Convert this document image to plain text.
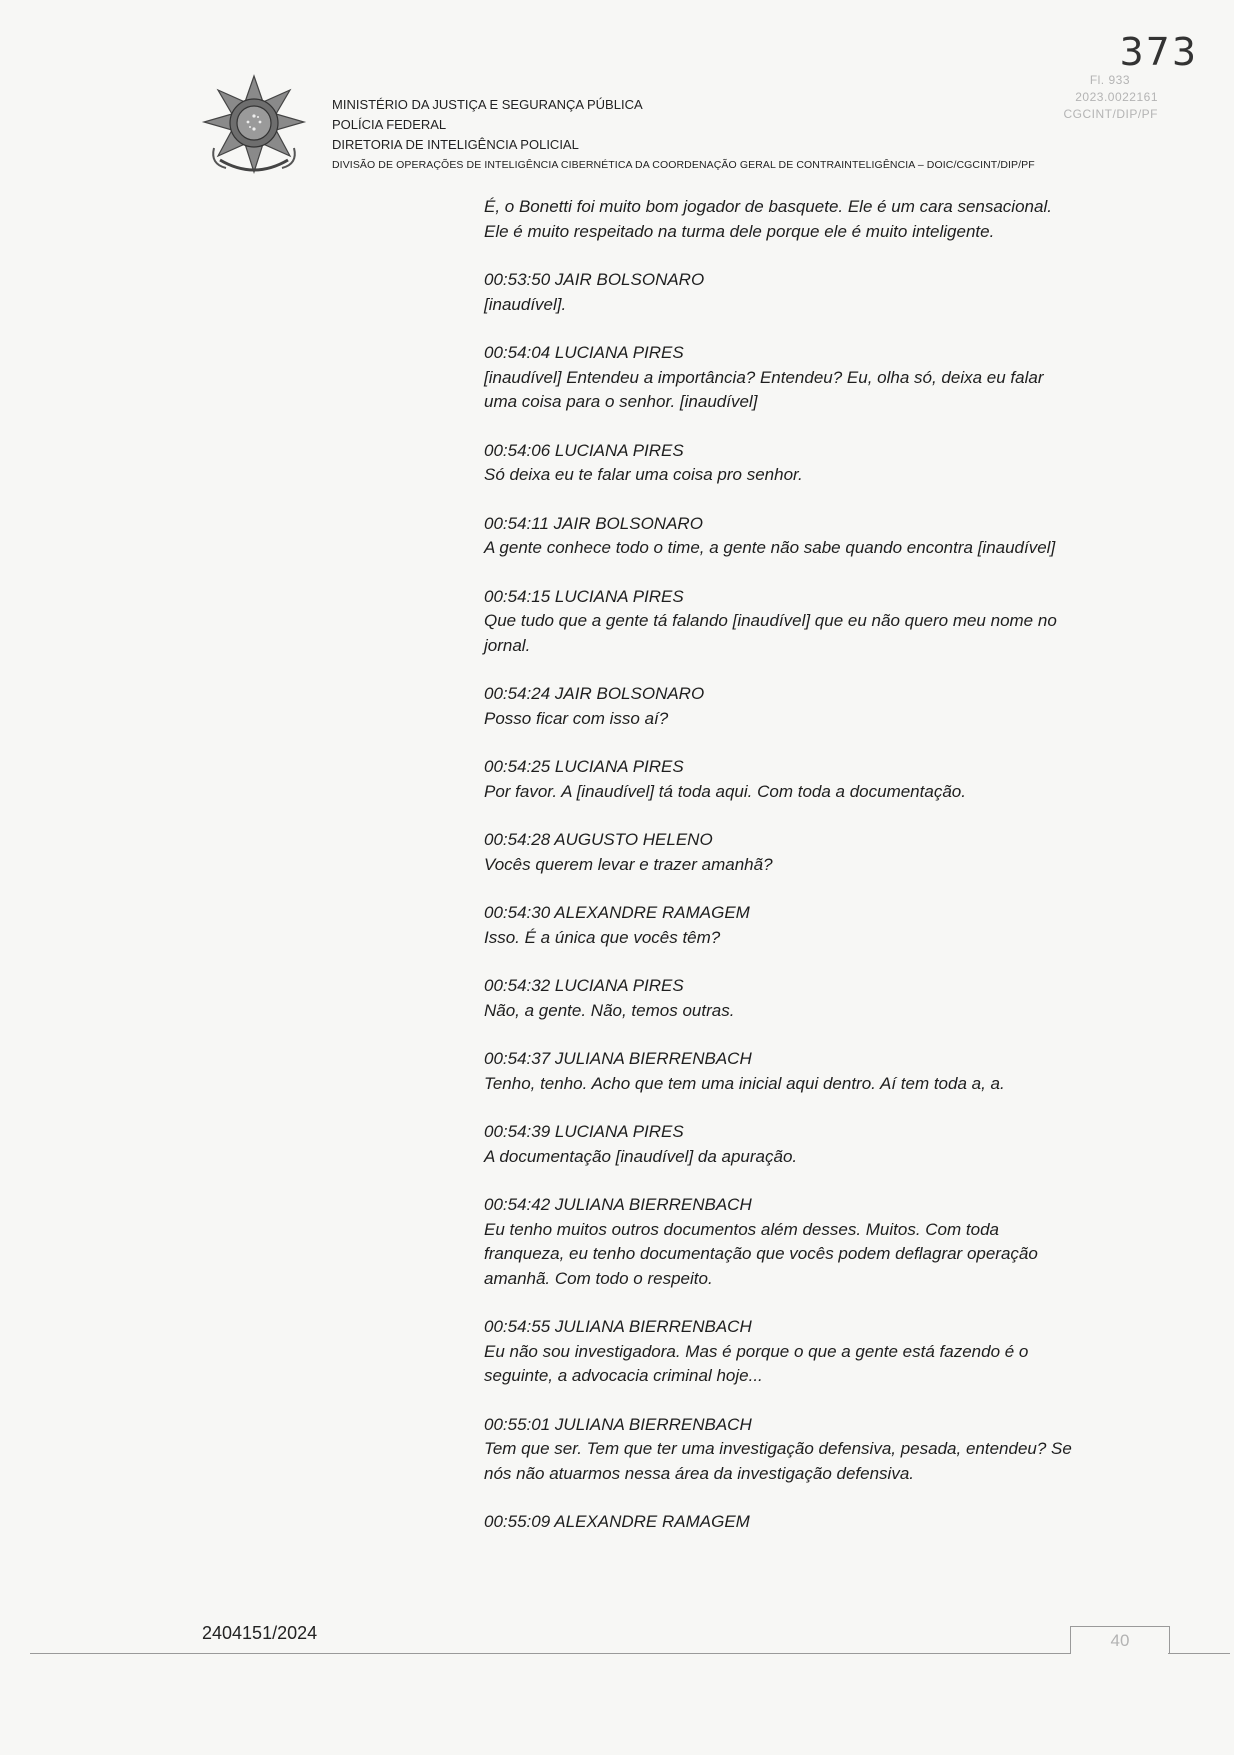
373
Fl. 933
2023.0022161
CGCINT/DIP/PF
MINISTÉRIO DA JUSTIÇA E SEGURANÇA PÚBLICA
POLÍCIA FEDERAL
DIRETORIA DE INTELIGÊNCIA POLICIAL
DIVISÃO DE OPERAÇÕES DE INTELIGÊNCIA CIBERNÉTICA DA COORDENAÇÃO GERAL DE CONTRAINTELIGÊNCIA – DOIC/CGCINT/DIP/PF

É, o Bonetti foi muito bom jogador de basquete. Ele é um cara sensacional.

Ele é muito respeitado na turma dele porque ele é muito inteligente.

00:53:50 JAIR BOLSONARO

[inaudível].

00:54:04 LUCIANA PIRES

[inaudível] Entendeu a importância? Entendeu? Eu, olha só, deixa eu falar

uma coisa para o senhor. [inaudível]

00:54:06 LUCIANA PIRES

Só deixa eu te falar uma coisa pro senhor.

00:54:11 JAIR BOLSONARO

A gente conhece todo o time, a gente não sabe quando encontra [inaudível]

00:54:15 LUCIANA PIRES

Que tudo que a gente tá falando [inaudível] que eu não quero meu nome no

jornal.

00:54:24 JAIR BOLSONARO

Posso ficar com isso aí?

00:54:25 LUCIANA PIRES

Por favor. A [inaudível] tá toda aqui. Com toda a documentação.

00:54:28 AUGUSTO HELENO

Vocês querem levar e trazer amanhã?

00:54:30 ALEXANDRE RAMAGEM

Isso. É a única que vocês têm?

00:54:32 LUCIANA PIRES

Não, a gente. Não, temos outras.

00:54:37 JULIANA BIERRENBACH

Tenho, tenho. Acho que tem uma inicial aqui dentro. Aí tem toda a, a.

00:54:39 LUCIANA PIRES

A documentação [inaudível] da apuração.

00:54:42 JULIANA BIERRENBACH

Eu tenho muitos outros documentos além desses. Muitos. Com toda

franqueza, eu tenho documentação que vocês podem deflagrar operação

amanhã. Com todo o respeito.

00:54:55 JULIANA BIERRENBACH

Eu não sou investigadora. Mas é porque o que a gente está fazendo é o

seguinte, a advocacia criminal hoje...

00:55:01 JULIANA BIERRENBACH

Tem que ser. Tem que ter uma investigação defensiva, pesada, entendeu? Se

nós não atuarmos nessa área da investigação defensiva.

00:55:09 ALEXANDRE RAMAGEM

2404151/2024	40
